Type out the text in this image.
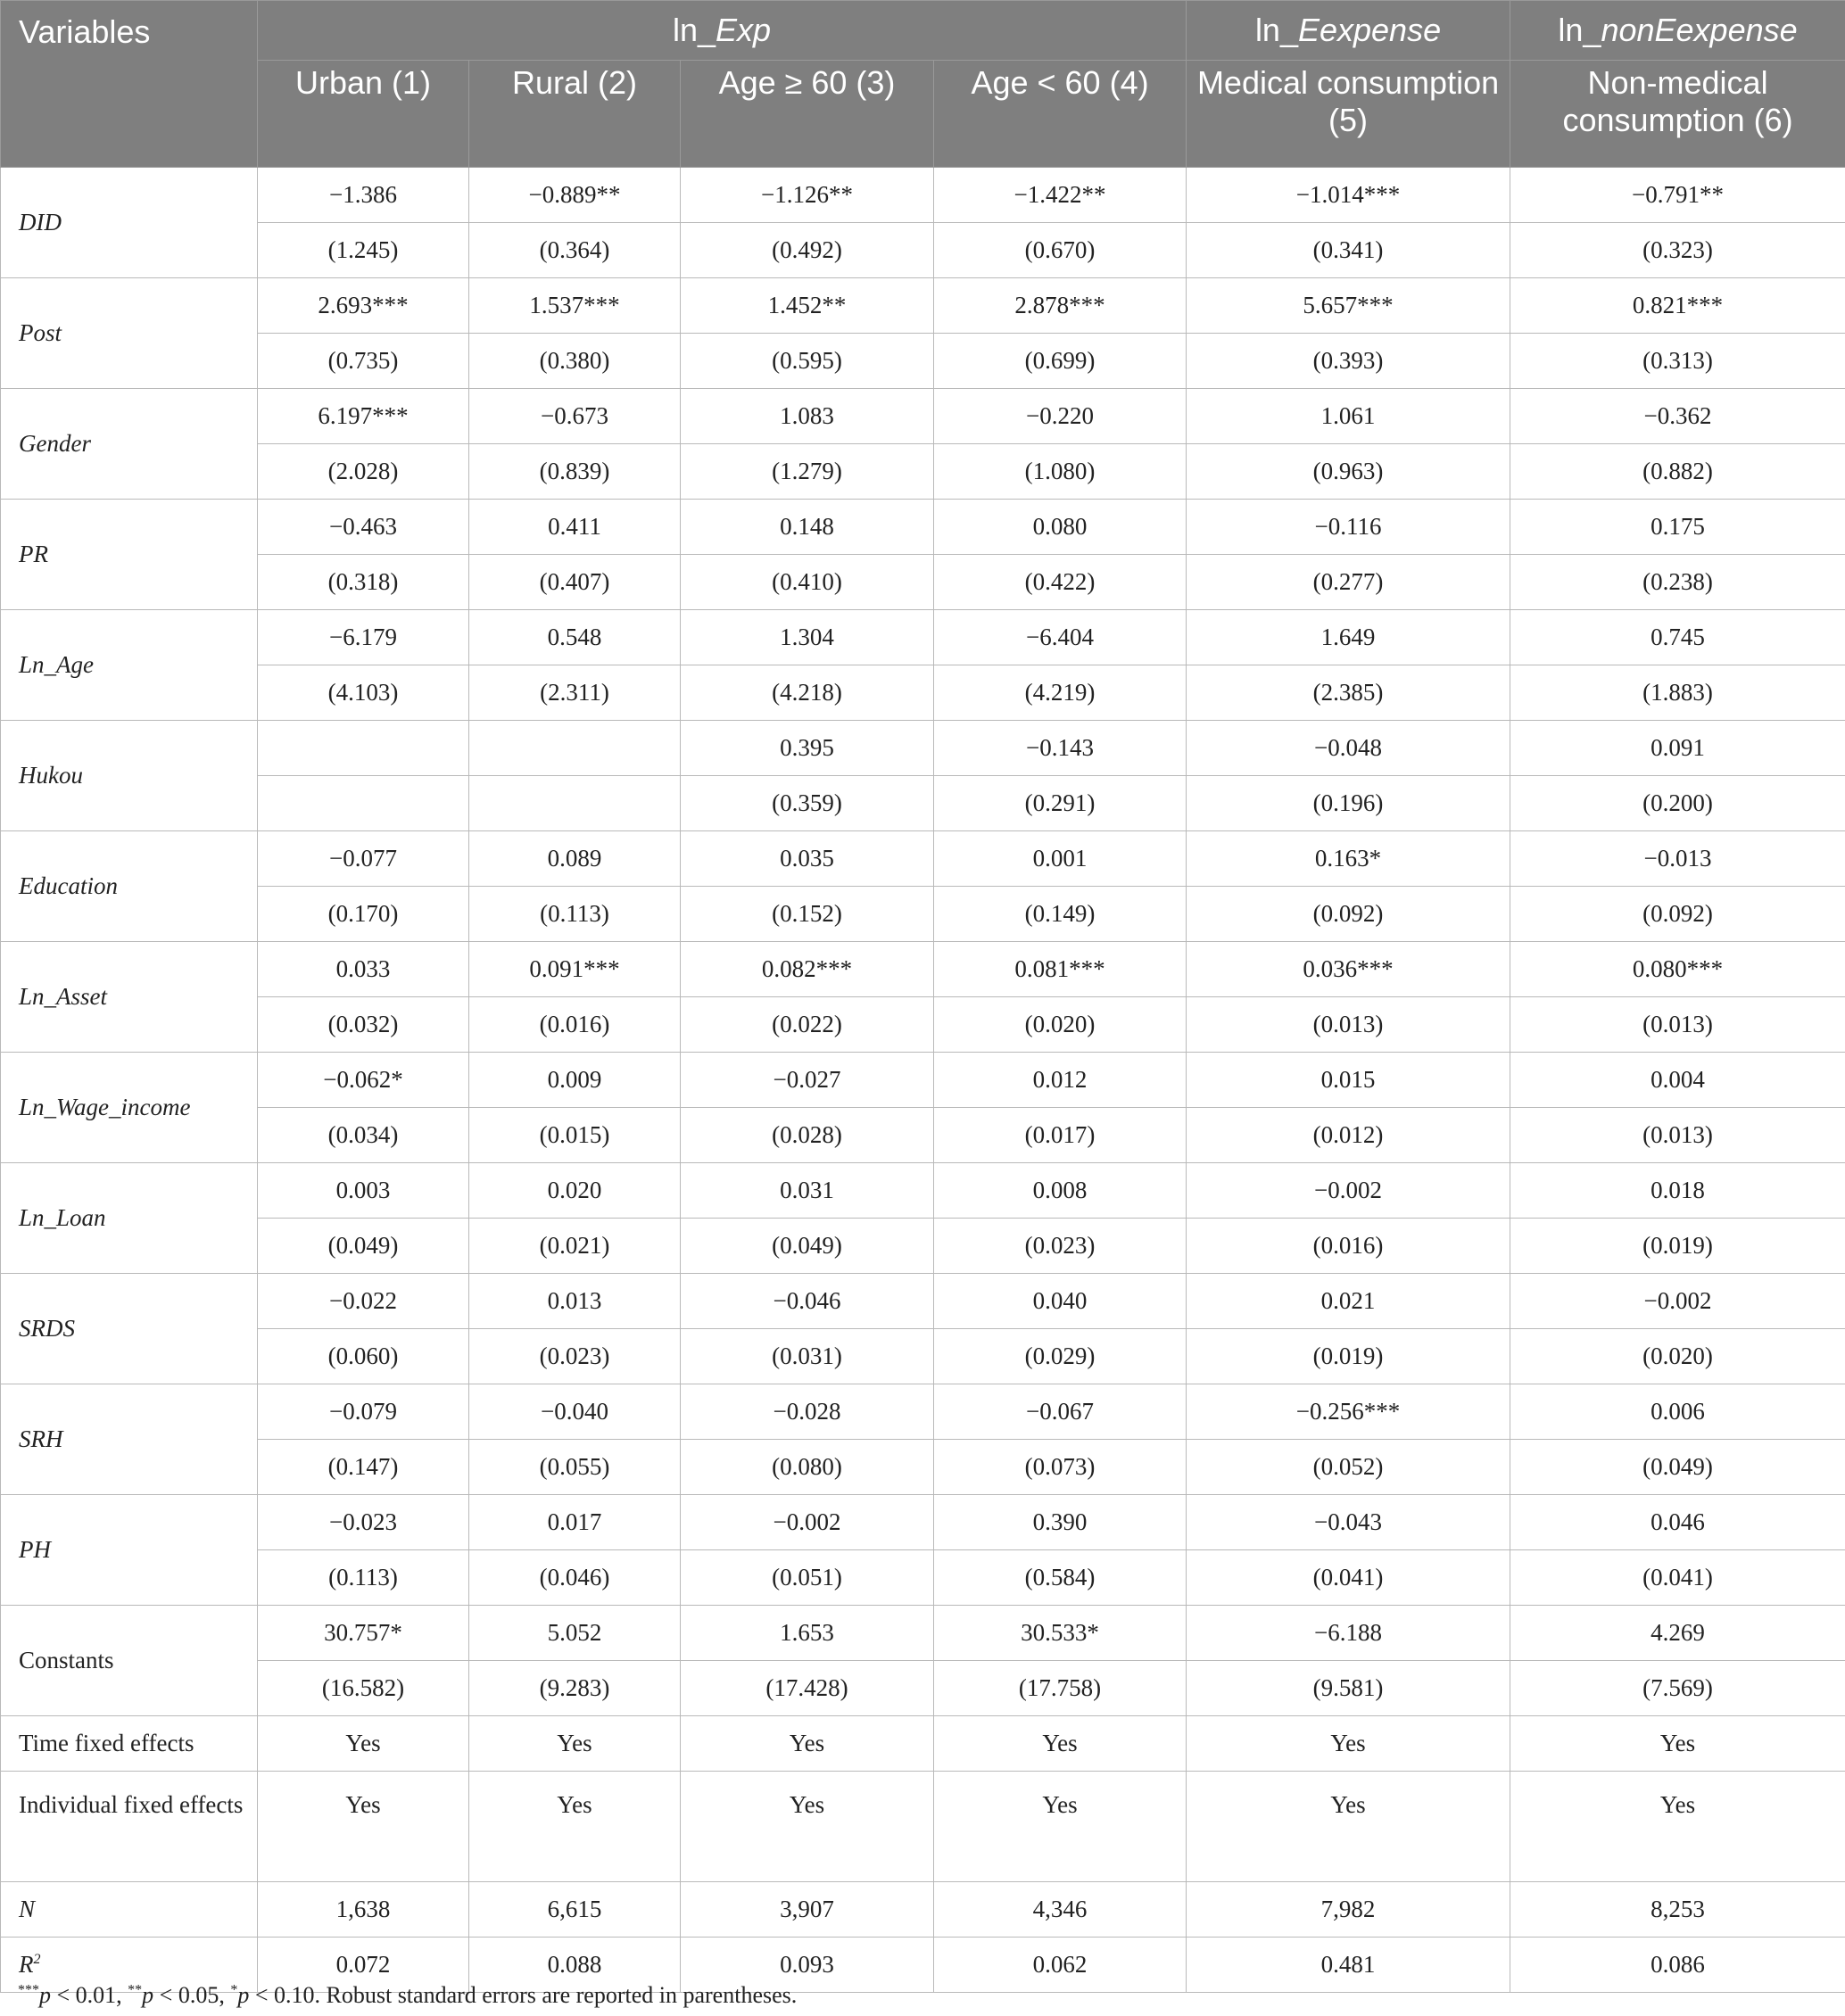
Variables	ln_Exp				ln_Eexpense	ln_nonEexpense
	Urban (1)	Rural (2)	Age ≥ 60 (3)	Age < 60 (4)	Medical consumption (5)	Non-medical consumption (6)
DID	−1.386	−0.889**	−1.126**	−1.422**	−1.014***	−0.791**
	(1.245)	(0.364)	(0.492)	(0.670)	(0.341)	(0.323)
Post	2.693***	1.537***	1.452**	2.878***	5.657***	0.821***
	(0.735)	(0.380)	(0.595)	(0.699)	(0.393)	(0.313)
Gender	6.197***	−0.673	1.083	−0.220	1.061	−0.362
	(2.028)	(0.839)	(1.279)	(1.080)	(0.963)	(0.882)
PR	−0.463	0.411	0.148	0.080	−0.116	0.175
	(0.318)	(0.407)	(0.410)	(0.422)	(0.277)	(0.238)
Ln_Age	−6.179	0.548	1.304	−6.404	1.649	0.745
	(4.103)	(2.311)	(4.218)	(4.219)	(2.385)	(1.883)
Hukou			0.395	−0.143	−0.048	0.091
			(0.359)	(0.291)	(0.196)	(0.200)
Education	−0.077	0.089	0.035	0.001	0.163*	−0.013
	(0.170)	(0.113)	(0.152)	(0.149)	(0.092)	(0.092)
Ln_Asset	0.033	0.091***	0.082***	0.081***	0.036***	0.080***
	(0.032)	(0.016)	(0.022)	(0.020)	(0.013)	(0.013)
Ln_Wage_income	−0.062*	0.009	−0.027	0.012	0.015	0.004
	(0.034)	(0.015)	(0.028)	(0.017)	(0.012)	(0.013)
Ln_Loan	0.003	0.020	0.031	0.008	−0.002	0.018
	(0.049)	(0.021)	(0.049)	(0.023)	(0.016)	(0.019)
SRDS	−0.022	0.013	−0.046	0.040	0.021	−0.002
	(0.060)	(0.023)	(0.031)	(0.029)	(0.019)	(0.020)
SRH	−0.079	−0.040	−0.028	−0.067	−0.256***	0.006
	(0.147)	(0.055)	(0.080)	(0.073)	(0.052)	(0.049)
PH	−0.023	0.017	−0.002	0.390	−0.043	0.046
	(0.113)	(0.046)	(0.051)	(0.584)	(0.041)	(0.041)
Constants	30.757*	5.052	1.653	30.533*	−6.188	4.269
	(16.582)	(9.283)	(17.428)	(17.758)	(9.581)	(7.569)
Time fixed effects	Yes	Yes	Yes	Yes	Yes	Yes
Individual fixed effects	Yes	Yes	Yes	Yes	Yes	Yes
N	1,638	6,615	3,907	4,346	7,982	8,253
$R^2$	0.072	0.088	0.093	0.062	0.481	0.086
***p < 0.01, **p < 0.05, *p < 0.10. Robust standard errors are reported in parentheses.
